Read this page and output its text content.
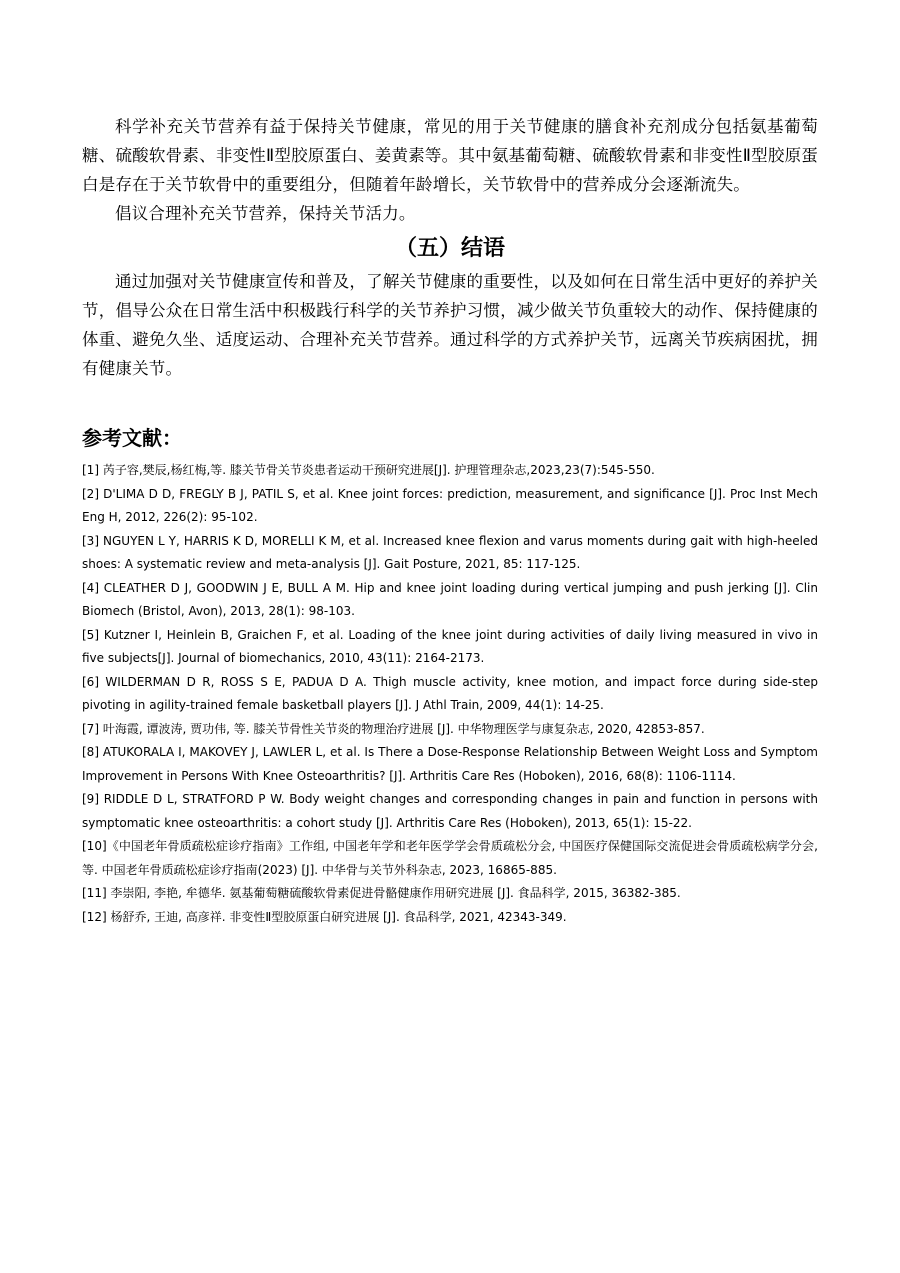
科学补充关节营养有益于保持关节健康，常见的用于关节健康的膳食补充剂成分包括氨基葡萄糖、硫酸软骨素、非变性Ⅱ型胶原蛋白、姜黄素等。其中氨基葡萄糖、硫酸软骨素和非变性Ⅱ型胶原蛋白是存在于关节软骨中的重要组分，但随着年龄增长，关节软骨中的营养成分会逐渐流失。

倡议合理补充关节营养，保持关节活力。

（五）结语

通过加强对关节健康宣传和普及，了解关节健康的重要性，以及如何在日常生活中更好的养护关节，倡导公众在日常生活中积极践行科学的关节养护习惯，减少做关节负重较大的动作、保持健康的体重、避免久坐、适度运动、合理补充关节营养。通过科学的方式养护关节，远离关节疾病困扰，拥有健康关节。

参考文献：
[1] 芮子容,樊辰,杨红梅,等. 膝关节骨关节炎患者运动干预研究进展[J]. 护理管理杂志,2023,23(7):545-550.
[2] D'LIMA D D, FREGLY B J, PATIL S, et al. Knee joint forces: prediction, measurement, and significance [J]. Proc Inst Mech Eng H, 2012, 226(2): 95-102.
[3] NGUYEN L Y, HARRIS K D, MORELLI K M, et al. Increased knee flexion and varus moments during gait with high-heeled shoes: A systematic review and meta-analysis [J]. Gait Posture, 2021, 85: 117-125.
[4] CLEATHER D J, GOODWIN J E, BULL A M. Hip and knee joint loading during vertical jumping and push jerking [J]. Clin Biomech (Bristol, Avon), 2013, 28(1): 98-103.
[5] Kutzner I, Heinlein B, Graichen F, et al. Loading of the knee joint during activities of daily living measured in vivo in five subjects[J]. Journal of biomechanics, 2010, 43(11): 2164-2173.
[6] WILDERMAN D R, ROSS S E, PADUA D A. Thigh muscle activity, knee motion, and impact force during side-step pivoting in agility-trained female basketball players [J]. J Athl Train, 2009, 44(1): 14-25.
[7] 叶海霞, 谭波涛, 贾功伟, 等. 膝关节骨性关节炎的物理治疗进展 [J]. 中华物理医学与康复杂志, 2020, 42853-857.
[8] ATUKORALA I, MAKOVEY J, LAWLER L, et al. Is There a Dose-Response Relationship Between Weight Loss and Symptom Improvement in Persons With Knee Osteoarthritis? [J]. Arthritis Care Res (Hoboken), 2016, 68(8): 1106-1114.
[9] RIDDLE D L, STRATFORD P W. Body weight changes and corresponding changes in pain and function in persons with symptomatic knee osteoarthritis: a cohort study [J]. Arthritis Care Res (Hoboken), 2013, 65(1): 15-22.
[10]《中国老年骨质疏松症诊疗指南》工作组, 中国老年学和老年医学学会骨质疏松分会, 中国医疗保健国际交流促进会骨质疏松病学分会, 等. 中国老年骨质疏松症诊疗指南(2023) [J]. 中华骨与关节外科杂志, 2023, 16865-885.
[11] 李崇阳, 李艳, 牟德华. 氨基葡萄糖硫酸软骨素促进骨骼健康作用研究进展 [J]. 食品科学, 2015, 36382-385.
[12] 杨舒乔, 王迪, 高彦祥. 非变性Ⅱ型胶原蛋白研究进展 [J]. 食品科学, 2021, 42343-349.
